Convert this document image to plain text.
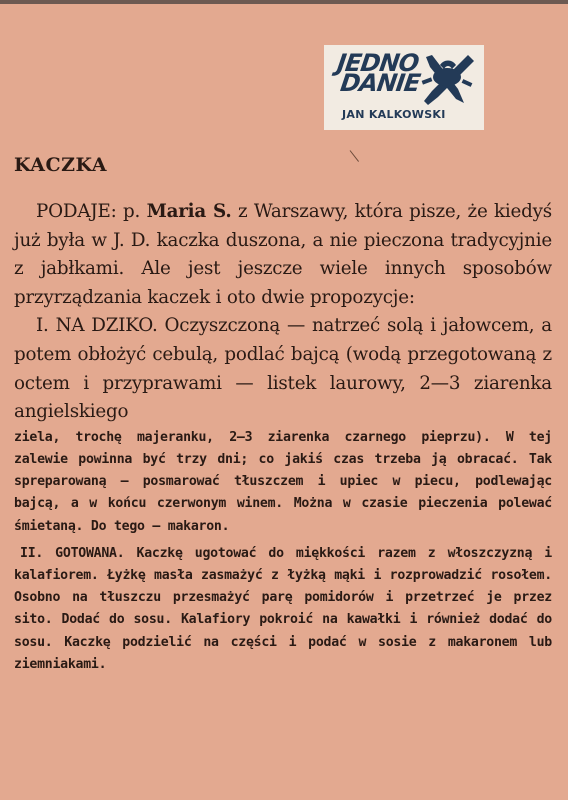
JEDNO
DANIE
JAN KALKOWSKI
KACZKA

PODAJE: p. Maria S. z Warszawy, która pisze, że kiedyś już była w J. D. kaczka duszona, a nie pieczona tradycyjnie z jabłkami. Ale jest jeszcze wiele innych sposobów przyrządzania kaczek i oto dwie propozycje:

I. NA DZIKO. Oczyszczoną — natrzeć solą i jałowcem, a potem obłożyć cebulą, podlać bajcą (wodą przegotowaną z octem i przyprawami — listek laurowy, 2—3 ziarenka angielskiego

ziela, trochę majeranku, 2—3 ziarenka czarnego pieprzu). W tej zalewie powinna być trzy dni; co jakiś czas trzeba ją obracać. Tak spreparowaną — posmarować tłuszczem i upiec w piecu, podlewając bajcą, a w końcu czerwonym winem. Można w czasie pieczenia polewać śmietaną. Do tego — makaron.

II. GOTOWANA. Kaczkę ugotować do miękkości razem z włoszczyzną i kalafiorem. Łyżkę masła zasmażyć z łyżką mąki i rozprowadzić rosołem. Osobno na tłuszczu przesmażyć parę pomidorów i przetrzeć je przez sito. Dodać do sosu. Kalafiory pokroić na kawałki i również dodać do sosu. Kaczkę podzielić na części i podać w sosie z makaronem lub ziemniakami.
